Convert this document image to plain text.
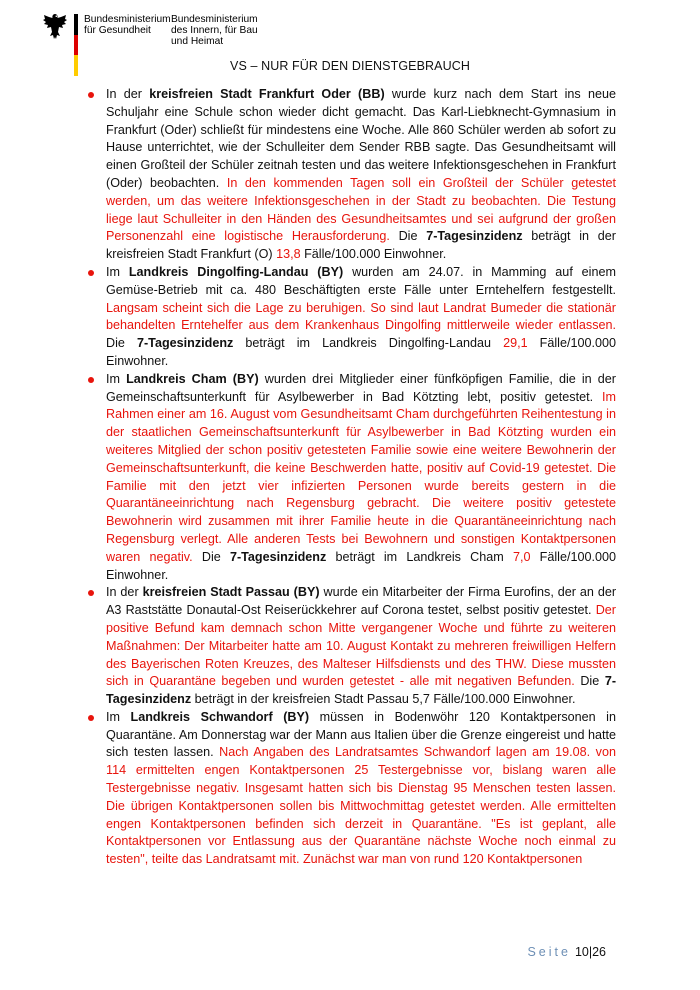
Bundesministerium
für Gesundheit
Bundesministerium
des Innern, für Bau
und Heimat
VS – NUR FÜR DEN DIENSTGEBRAUCH

In der kreisfreien Stadt Frankfurt Oder (BB) wurde kurz nach dem Start ins neue Schuljahr eine Schule schon wieder dicht gemacht. Das Karl-Liebknecht-Gymnasium in Frankfurt (Oder) schließt für mindestens eine Woche. Alle 860 Schüler werden ab sofort zu Hause unterrichtet, wie der Schulleiter dem Sender RBB sagte. Das Gesundheitsamt will einen Großteil der Schüler zeitnah testen und das weitere Infektionsgeschehen in Frankfurt (Oder) beobachten. In den kommenden Tagen soll ein Großteil der Schüler getestet werden, um das weitere Infektionsgeschehen in der Stadt zu beobachten. Die Testung liege laut Schulleiter in den Händen des Gesundheitsamtes und sei aufgrund der großen Personenzahl eine logistische Herausforderung. Die 7-Tagesinzidenz beträgt in der kreisfreien Stadt Frankfurt (O) 13,8 Fälle/100.000 Einwohner.

Im Landkreis Dingolfing-Landau (BY) wurden am 24.07. in Mamming auf einem Gemüse-Betrieb mit ca. 480 Beschäftigten erste Fälle unter Erntehelfern festgestellt. Langsam scheint sich die Lage zu beruhigen. So sind laut Landrat Bumeder die stationär behandelten Erntehelfer aus dem Krankenhaus Dingolfing mittlerweile wieder entlassen. Die 7-Tagesinzidenz beträgt im Landkreis Dingolfing-Landau 29,1 Fälle/100.000 Einwohner.

Im Landkreis Cham (BY) wurden drei Mitglieder einer fünfköpfigen Familie, die in der Gemeinschaftsunterkunft für Asylbewerber in Bad Kötzting lebt, positiv getestet. Im Rahmen einer am 16. August vom Gesundheitsamt Cham durchgeführten Reihentestung in der staatlichen Gemeinschaftsunterkunft für Asylbewerber in Bad Kötzting wurden ein weiteres Mitglied der schon positiv getesteten Familie sowie eine weitere Bewohnerin der Gemeinschaftsunterkunft, die keine Beschwerden hatte, positiv auf Covid-19 getestet. Die Familie mit den jetzt vier infizierten Personen wurde bereits gestern in die Quarantäneeinrichtung nach Regensburg gebracht. Die weitere positiv getestete Bewohnerin wird zusammen mit ihrer Familie heute in die Quarantäneeinrichtung nach Regensburg verlegt. Alle anderen Tests bei Bewohnern und sonstigen Kontaktpersonen waren negativ. Die 7-Tagesinzidenz beträgt im Landkreis Cham 7,0 Fälle/100.000 Einwohner.

In der kreisfreien Stadt Passau (BY) wurde ein Mitarbeiter der Firma Eurofins, der an der A3 Raststätte Donautal-Ost Reiserückkehrer auf Corona testet, selbst positiv getestet. Der positive Befund kam demnach schon Mitte vergangener Woche und führte zu weiteren Maßnahmen: Der Mitarbeiter hatte am 10. August Kontakt zu mehreren freiwilligen Helfern des Bayerischen Roten Kreuzes, des Malteser Hilfsdiensts und des THW. Diese mussten sich in Quarantäne begeben und wurden getestet - alle mit negativen Befunden. Die 7-Tagesinzidenz beträgt in der kreisfreien Stadt Passau 5,7 Fälle/100.000 Einwohner.

Im Landkreis Schwandorf (BY) müssen in Bodenwöhr 120 Kontaktpersonen in Quarantäne. Am Donnerstag war der Mann aus Italien über die Grenze eingereist und hatte sich testen lassen. Nach Angaben des Landratsamtes Schwandorf lagen am 19.08. von 114 ermittelten engen Kontaktpersonen 25 Testergebnisse vor, bislang waren alle Testergebnisse negativ. Insgesamt hatten sich bis Dienstag 95 Menschen testen lassen. Die übrigen Kontaktpersonen sollen bis Mittwochmittag getestet werden. Alle ermittelten engen Kontaktpersonen befinden sich derzeit in Quarantäne. "Es ist geplant, alle Kontaktpersonen vor Entlassung aus der Quarantäne nächste Woche noch einmal zu testen", teilte das Landratsamt mit. Zunächst war man von rund 120 Kontaktpersonen

Seite 10|26
